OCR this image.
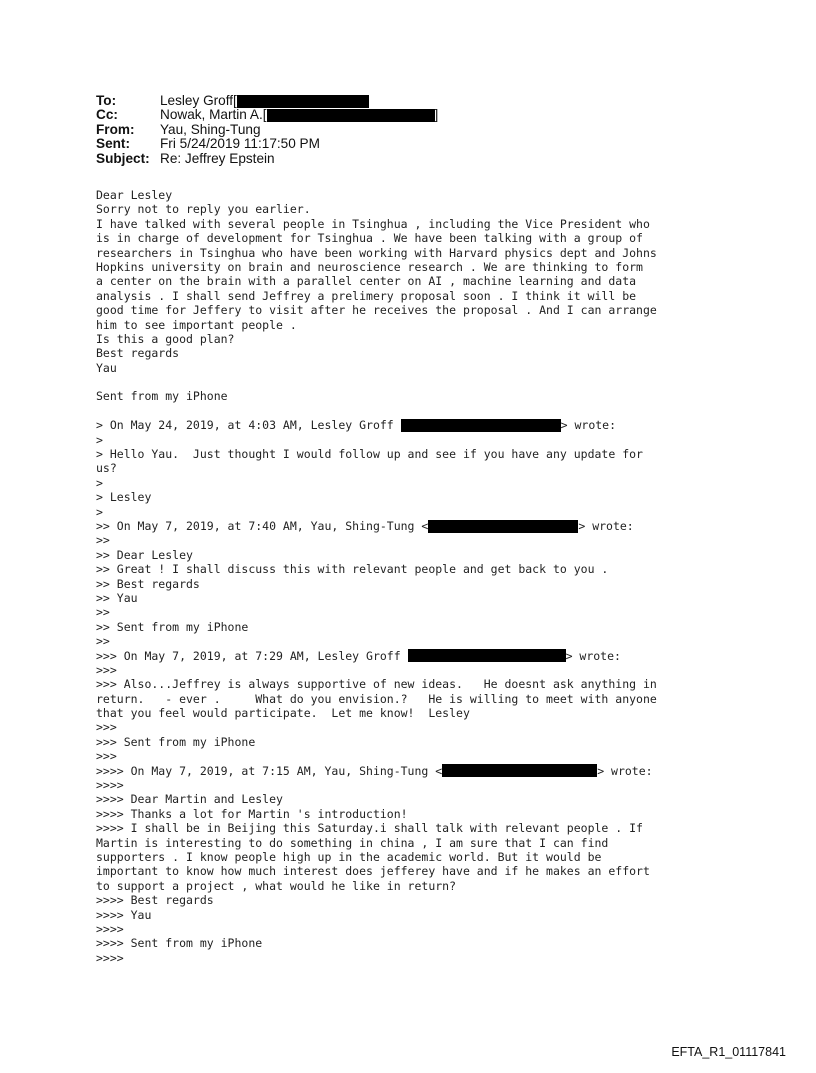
To:	Lesley Groff[
Cc:	Nowak, Martin A.[	]
From:	Yau, Shing-Tung
Sent:	Fri 5/24/2019 11:17:50 PM
Subject: Re: Jeffrey Epstein
Dear Lesley
Sorry not to reply you earlier.
I have talked with several people in Tsinghua , including the Vice President who
is in charge of development for Tsinghua . We have been talking with a group of
researchers in Tsinghua who have been working with Harvard physics dept and Johns
Hopkins university on brain and neuroscience research . We are thinking to form
a center on the brain with a parallel center on AI , machine learning and data
analysis . I shall send Jeffrey a prelimery proposal soon . I think it will be
good time for Jeffery to visit after he receives the proposal . And I can arrange
him to see important people .
Is this a good plan?
Best regards
Yau
Sent from my iPhone
> On May 24, 2019, at 4:03 AM, Lesley Groff	> wrote:
>
> Hello Yau.  Just thought I would follow up and see if you have any update for
us?
>
> Lesley
>
>> On May 7, 2019, at 7:40 AM, Yau, Shing-Tung <	> wrote:
>>
>> Dear Lesley
>> Great ! I shall discuss this with relevant people and get back to you .
>> Best regards
>> Yau
>>
>> Sent from my iPhone
>>
>>> On May 7, 2019, at 7:29 AM, Lesley Groff	> wrote:
>>>
>>> Also...Jeffrey is always supportive of new ideas.   He doesnt ask anything in
return.   - ever .     What do you envision.?   He is willing to meet with anyone
that you feel would participate.  Let me know!  Lesley
>>>
>>> Sent from my iPhone
>>>
>>>> On May 7, 2019, at 7:15 AM, Yau, Shing-Tung <	> wrote:
>>>>
>>>> Dear Martin and Lesley
>>>> Thanks a lot for Martin 's introduction!
>>>> I shall be in Beijing this Saturday.i shall talk with relevant people . If
Martin is interesting to do something in china , I am sure that I can find
supporters . I know people high up in the academic world. But it would be
important to know how much interest does jefferey have and if he makes an effort
to support a project , what would he like in return?
>>>> Best regards
>>>> Yau
>>>>
>>>> Sent from my iPhone
>>>>
EFTA_R1_01117841
